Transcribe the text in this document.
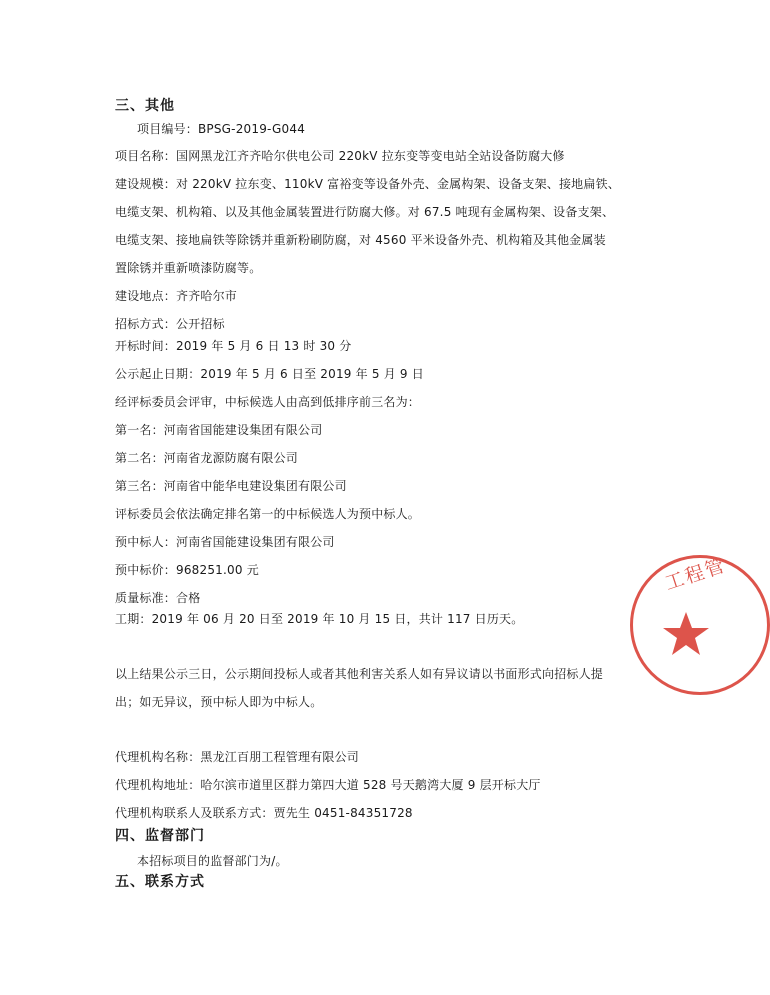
三、其他
项目编号：BPSG-2019-G044
项目名称：国网黑龙江齐齐哈尔供电公司 220kV 拉东变等变电站全站设备防腐大修
建设规模：对 220kV 拉东变、110kV 富裕变等设备外壳、金属构架、设备支架、接地扁铁、
电缆支架、机构箱、以及其他金属装置进行防腐大修。对 67.5 吨现有金属构架、设备支架、
电缆支架、接地扁铁等除锈并重新粉刷防腐，对 4560 平米设备外壳、机构箱及其他金属装
置除锈并重新喷漆防腐等。
建设地点：齐齐哈尔市
招标方式：公开招标
开标时间：2019 年 5 月 6 日 13 时 30 分
公示起止日期：2019 年 5 月 6 日至 2019 年 5 月 9 日
经评标委员会评审，中标候选人由高到低排序前三名为：
第一名：河南省国能建设集团有限公司
第二名：河南省龙源防腐有限公司
第三名：河南省中能华电建设集团有限公司
评标委员会依法确定排名第一的中标候选人为预中标人。
预中标人：河南省国能建设集团有限公司
预中标价：968251.00 元
质量标准：合格
工期：2019 年 06 月 20 日至 2019 年 10 月 15 日，共计 117 日历天。
以上结果公示三日，公示期间投标人或者其他利害关系人如有异议请以书面形式向招标人提
出；如无异议，预中标人即为中标人。
代理机构名称：黑龙江百朋工程管理有限公司
代理机构地址：哈尔滨市道里区群力第四大道 528 号天鹅湾大厦 9 层开标大厅
代理机构联系人及联系方式：贾先生 0451-84351728
四、监督部门
本招标项目的监督部门为/。
五、联系方式
工程管
